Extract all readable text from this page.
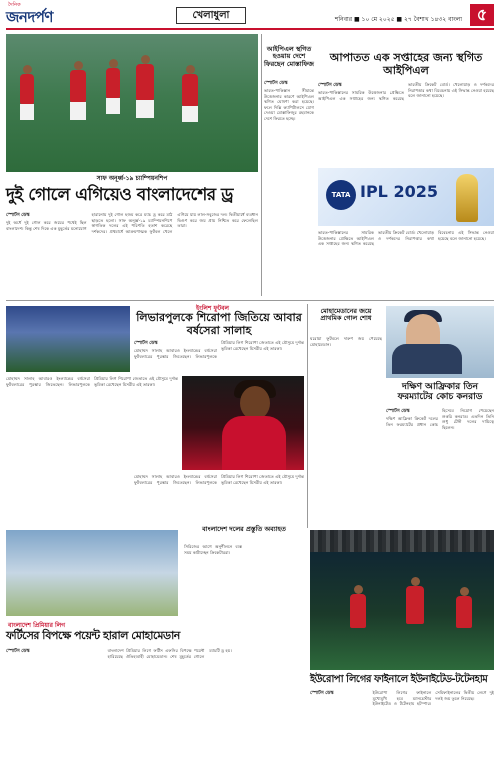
দৈনিক
জনদর্পণ	খেলাধুলা	শনিবার ■ ১০ মে ২০২৫ ■ ২৭ বৈশাখ ১৪৩২ বাংলা ৫
আইপিএল স্থগিত হওয়ায় দেশে ফিরছেন মোস্তাফিজ
স্পোর্টস ডেস্ক
ভারত-পাকিস্তান সীমান্তে উত্তেজনার কারণে আইপিএল স্থগিত ঘোষণা করা হয়েছে। ফলে দিল্লি ক্যাপিটালসে যোগ দেওয়া মোস্তাফিজুর রহমানকে দেশে ফিরতে হচ্ছে।
আপাতত এক সপ্তাহের জন্য স্থগিত আইপিএল
স্পোর্টস ডেস্ক
ভারত-পাকিস্তানের সামরিক উত্তেজনার প্রেক্ষিতে আইপিএল এক সপ্তাহের জন্য স্থগিত করেছে ভারতীয় ক্রিকেট বোর্ড। খেলোয়াড় ও দর্শকদের নিরাপত্তার কথা বিবেচনায় এই সিদ্ধান্ত নেওয়া হয়েছে বলে জানানো হয়েছে।
TATA IPL 2025
ভারত-পাকিস্তানের সামরিক উত্তেজনার প্রেক্ষিতে আইপিএল এক সপ্তাহের জন্য স্থগিত করেছে ভারতীয় ক্রিকেট বোর্ড। খেলোয়াড় ও দর্শকদের নিরাপত্তার কথা বিবেচনায় এই সিদ্ধান্ত নেওয়া হয়েছে বলে জানানো হয়েছে।
সাফ অনূর্ধ্ব-১৯ চ্যাম্পিয়নশিপ
দুই গোলে এগিয়েও বাংলাদেশের ড্র
স্পোর্টস ডেস্ক
দুই অর্ধে দুই গোল করে জয়ের পথেই ছিল বাংলাদেশ। কিন্তু শেষ দিকে এক মুহূর্তের মনোযোগ হারানোয় দুই গোল হজম করে ম্যাচ ড্র করে মাঠ ছাড়তে হলো। সাফ অনূর্ধ্ব-১৯ চ্যাম্পিয়নশিপে স্বাগতিক দলের এই পরিণতি হতাশ করেছে দর্শকদের। প্রথমার্ধে আক্রমণাত্মক ফুটবল খেলে এগিয়ে যায় লাল-সবুজের দল। দ্বিতীয়ার্ধে ব্যবধান দ্বিগুণ করে জয় প্রায় নিশ্চিত করে ফেলেছিল তারা।
ইংলিশ ফুটবল
লিভারপুলকে শিরোপা জিতিয়ে আবার বর্ষসেরা সালাহ
স্পোর্টস ডেস্ক
মোহাম্মদ সালাহ আবারও ইংল্যান্ডের বর্ষসেরা ফুটবলারের পুরস্কার জিতেছেন। লিভারপুলকে প্রিমিয়ার লিগ শিরোপা জেতাতে এই মৌসুমে দুর্দান্ত ভূমিকা রেখেছেন মিসরীয় এই তারকা।
মোহাম্মদ সালাহ আবারও ইংল্যান্ডের বর্ষসেরা ফুটবলারের পুরস্কার জিতেছেন। লিভারপুলকে প্রিমিয়ার লিগ শিরোপা জেতাতে এই মৌসুমে দুর্দান্ত ভূমিকা রেখেছেন মিসরীয় এই তারকা।
মোহাম্মদ সালাহ আবারও ইংল্যান্ডের বর্ষসেরা ফুটবলারের পুরস্কার জিতেছেন। লিভারপুলকে প্রিমিয়ার লিগ শিরোপা জেতাতে এই মৌসুমে দুর্দান্ত ভূমিকা রেখেছেন মিসরীয় এই তারকা।
মোহামেডানের জয়ে প্রাথমিক গোল শোধ
ঘরোয়া ফুটবলে দারুণ জয় পেয়েছে মোহামেডান।
দক্ষিণ আফ্রিকার তিন ফরম্যাটের কোচ কনরাড
স্পোর্টস ডেস্ক
দক্ষিণ আফ্রিকা ক্রিকেট দলের তিন ফরম্যাটের প্রধান কোচ হিসেবে নিয়োগ পেয়েছেন শুকরি কনরাড। এতদিন তিনি শুধু টেস্ট দলের দায়িত্বে ছিলেন।
বাংলাদেশ দলের প্রস্তুতি অব্যাহত
সিরিজের আগে অনুশীলনে ব্যস্ত সময় কাটাচ্ছেন ক্রিকেটাররা।
বাংলাদেশ প্রিমিয়ার লিগ
ফর্টিসের বিপক্ষে পয়েন্ট হারাল মোহামেডান
স্পোর্টস ডেস্ক	বাংলাদেশ প্রিমিয়ার লিগে ফর্টিস এফসির বিপক্ষে পয়েন্ট হারিয়েছে ঐতিহ্যবাহী মোহামেডান। শেষ মুহূর্তের গোলে ম্যাচটি ড্র হয়।
ইউরোপা লিগের ফাইনালে ইউনাইটেড-টটেনহাম
স্পোর্টস ডেস্ক	ইউরোপা লিগের ফাইনালে মুখোমুখি হবে ম্যানচেস্টার ইউনাইটেড ও টটেনহাম হটস্পার। সেমিফাইনালের দ্বিতীয় লেগে দুই দলই জয় তুলে নিয়েছে।
